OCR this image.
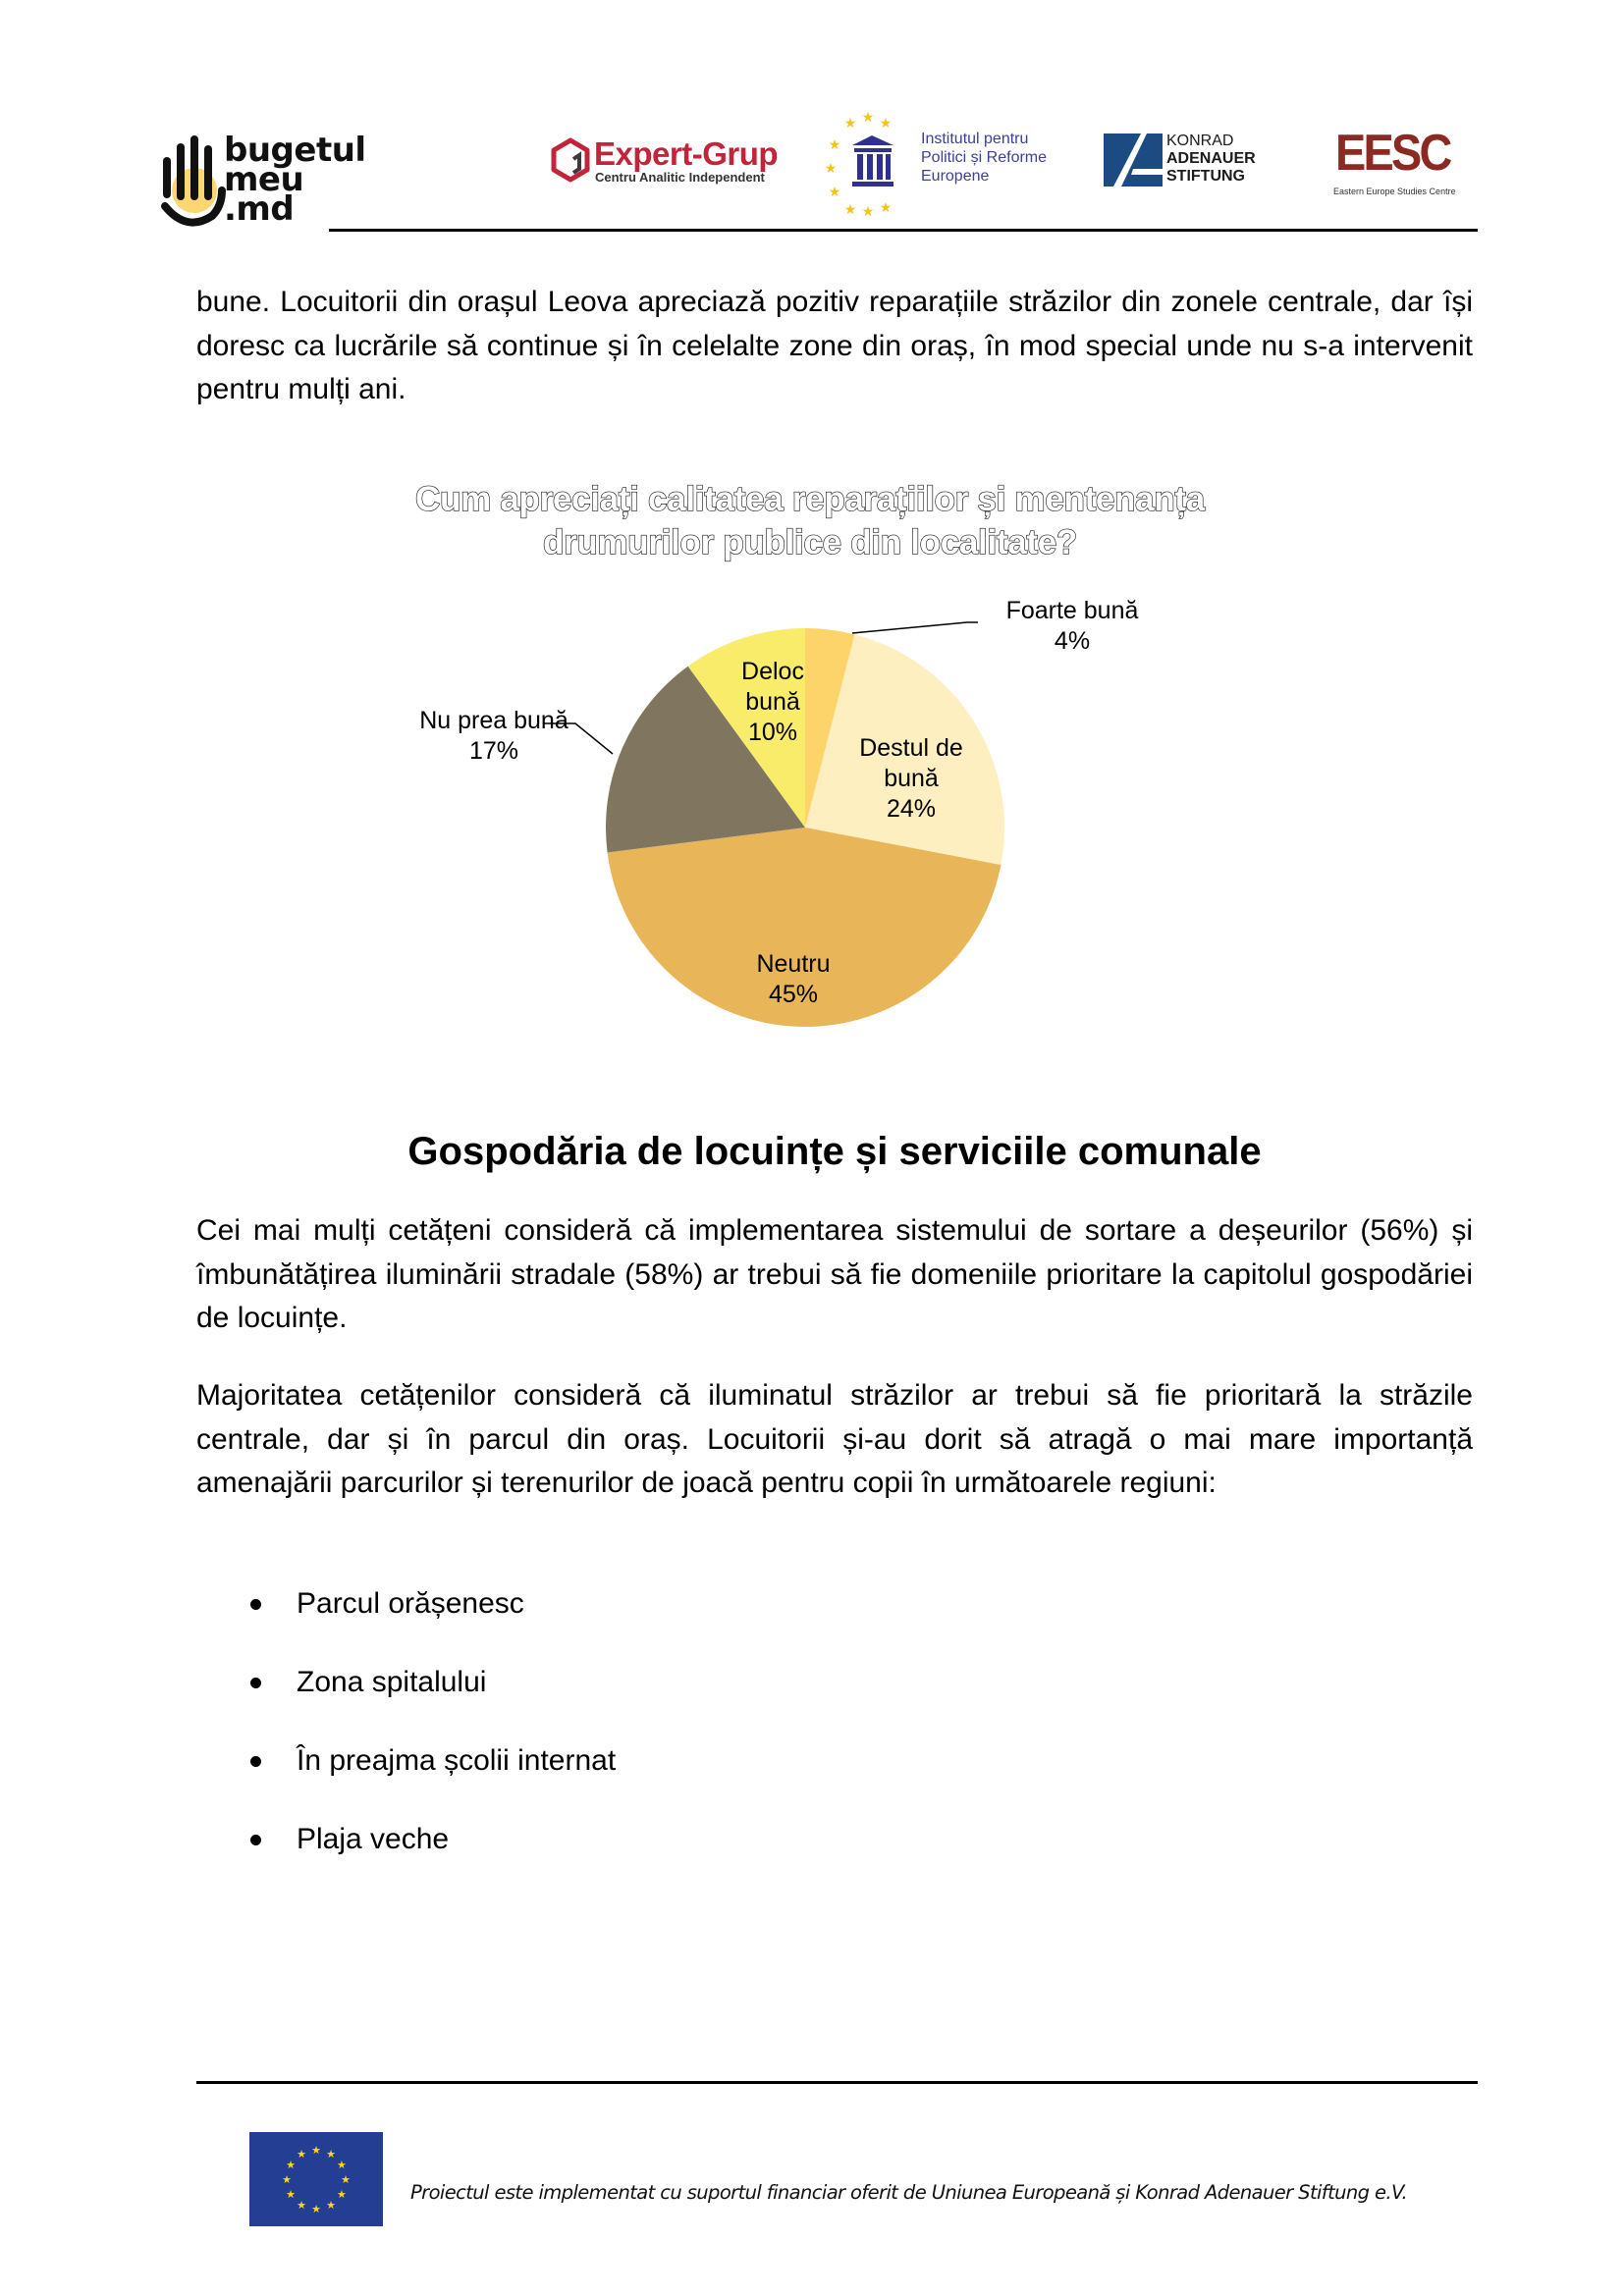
bugetul
meu
.md
Expert-Grup
Centru Analitic Independent
★ ★ ★
★
★
★
★ ★ ★
Institutul pentru
Politici și Reforme
Europene
KONRAD
ADENAUER
STIFTUNG EESC
Eastern Europe Studies Centre

bune. Locuitorii din orașul Leova apreciază pozitiv reparațiile străzilor din zonele centrale, dar își doresc ca lucrările să continue și în celelalte zone din oraș, în mod special unde nu s-a intervenit pentru mulți ani.

Cum apreciați calitatea reparațiilor și mentenanța
drumurilor publice din localitate?
Foarte bună 4%
Destul de bună 24%
Neutru 45%
Nu prea bună 17%
Deloc bună 10%
Gospodăria de locuințe și serviciile comunale

Cei mai mulți cetățeni consideră că implementarea sistemului de sortare a deșeurilor (56%) și îmbunătățirea iluminării stradale (58%) ar trebui să fie domeniile prioritare la capitolul gospodăriei de locuințe.

Majoritatea cetățenilor consideră că iluminatul străzilor ar trebui să fie prioritară la străzile centrale, dar și în parcul din oraș. Locuitorii și-au dorit să atragă o mai mare importanță amenajării parcurilor și terenurilor de joacă pentru copii în următoarele regiuni:

Parcul orășenesc
Zona spitalului
În preajma școlii internat
Plaja veche
★ ★
★
★
★
★
★
★
★
★
★
★
Proiectul este implementat cu suportul financiar oferit de Uniunea Europeană și Konrad Adenauer Stiftung e.V.
